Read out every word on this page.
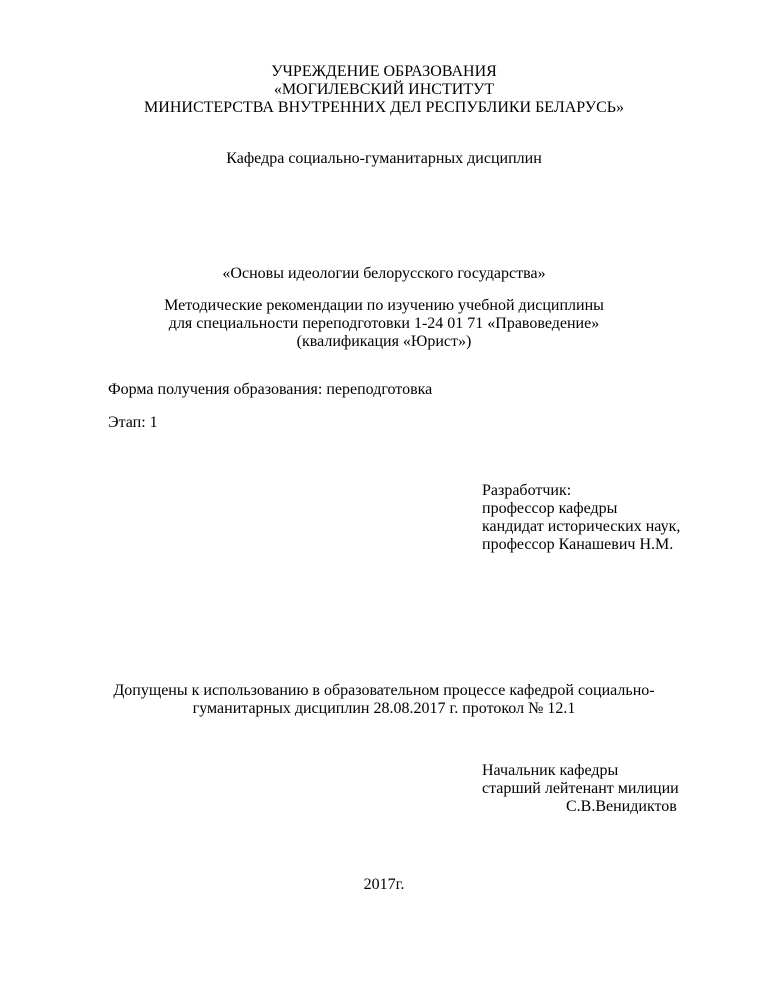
УЧРЕЖДЕНИЕ ОБРАЗОВАНИЯ
«МОГИЛЕВСКИЙ ИНСТИТУТ
МИНИСТЕРСТВА ВНУТРЕННИХ ДЕЛ РЕСПУБЛИКИ БЕЛАРУСЬ»
Кафедра социально-гуманитарных дисциплин
«Основы идеологии белорусского государства»
Методические рекомендации по изучению учебной дисциплины
для специальности переподготовки 1-24 01 71 «Правоведение»
(квалификация «Юрист»)
Форма получения образования: переподготовка
Этап: 1
Разработчик:
профессор кафедры
кандидат исторических наук,
профессор Канашевич Н.М.
Допущены к использованию в образовательном процессе кафедрой социально-
гуманитарных дисциплин 28.08.2017 г. протокол № 12.1
Начальник кафедры
старший лейтенант милиции
С.В.Венидиктов
2017г.
